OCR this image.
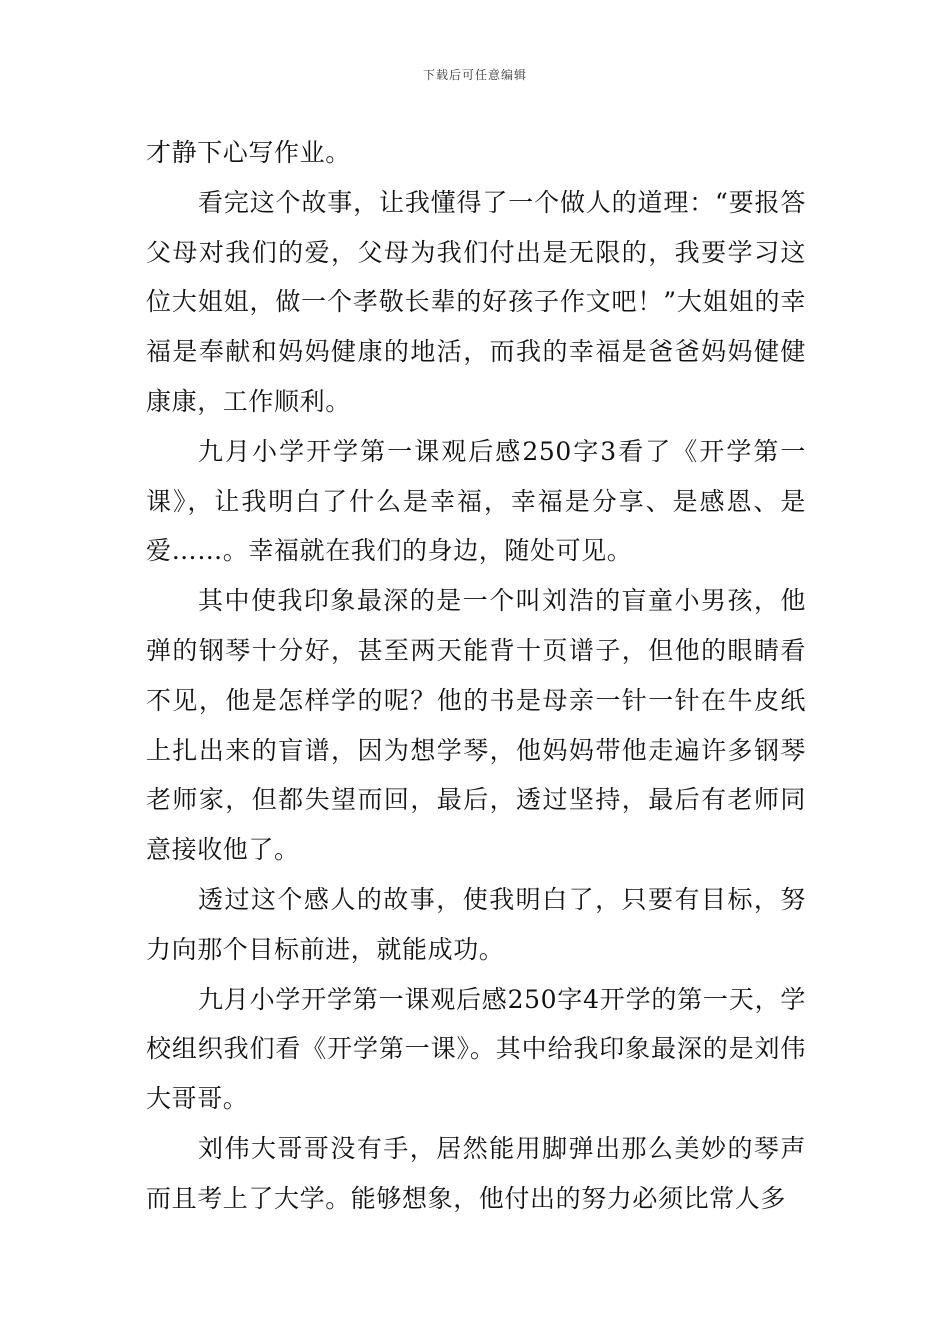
下载后可任意编辑

才静下心写作业。

看完这个故事，让我懂得了一个做人的道理：“要报答父母对我们的爱，父母为我们付出是无限的，我要学习这位大姐姐，做一个孝敬长辈的好孩子作文吧！”大姐姐的幸福是奉献和妈妈健康的地活，而我的幸福是爸爸妈妈健健康康，工作顺利。

九月小学开学第一课观后感250字3看了《开学第一课》，让我明白了什么是幸福，幸福是分享、是感恩、是爱……。幸福就在我们的身边，随处可见。

其中使我印象最深的是一个叫刘浩的盲童小男孩，他弹的钢琴十分好，甚至两天能背十页谱子，但他的眼睛看不见，他是怎样学的呢？他的书是母亲一针一针在牛皮纸上扎出来的盲谱，因为想学琴，他妈妈带他走遍许多钢琴老师家，但都失望而回，最后，透过坚持，最后有老师同意接收他了。

透过这个感人的故事，使我明白了，只要有目标，努力向那个目标前进，就能成功。

九月小学开学第一课观后感250字4开学的第一天，学校组织我们看《开学第一课》。其中给我印象最深的是刘伟大哥哥。

刘伟大哥哥没有手，居然能用脚弹出那么美妙的琴声而且考上了大学。能够想象，他付出的努力必须比常人多
